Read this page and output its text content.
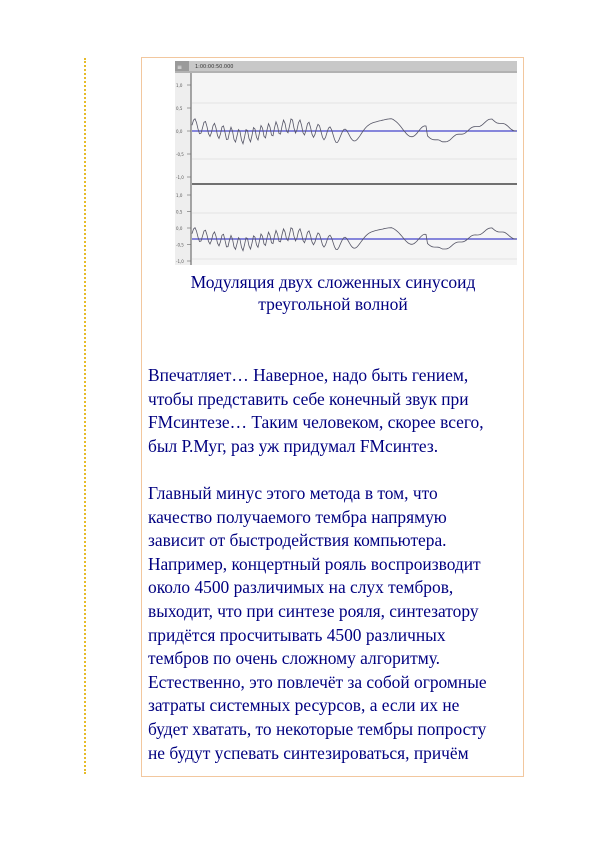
≡	1:00:00:50.000
1,0
0,5
0,0
-0,5
-1,0
1,0
0,5
0,0
-0,5
-1,0
Модуляция двух сложенных синусоид
треугольной волной

Впечатляет… Наверное, надо быть гением,
чтобы представить себе конечный звук при
FMсинтезе… Таким человеком, скорее всего,
был Р.Муг, раз уж придумал FMсинтез.

Главный минус этого метода в том, что
качество получаемого тембра напрямую
зависит от быстродействия компьютера.
Например, концертный рояль воспроизводит
около 4500 различимых на слух тембров,
выходит, что при синтезе рояля, синтезатору
придётся просчитывать 4500 различных
тембров по очень сложному алгоритму.
Естественно, это повлечёт за собой огромные
затраты системных ресурсов, а если их не
будет хватать, то некоторые тембры попросту
не будут успевать синтезироваться, причём
